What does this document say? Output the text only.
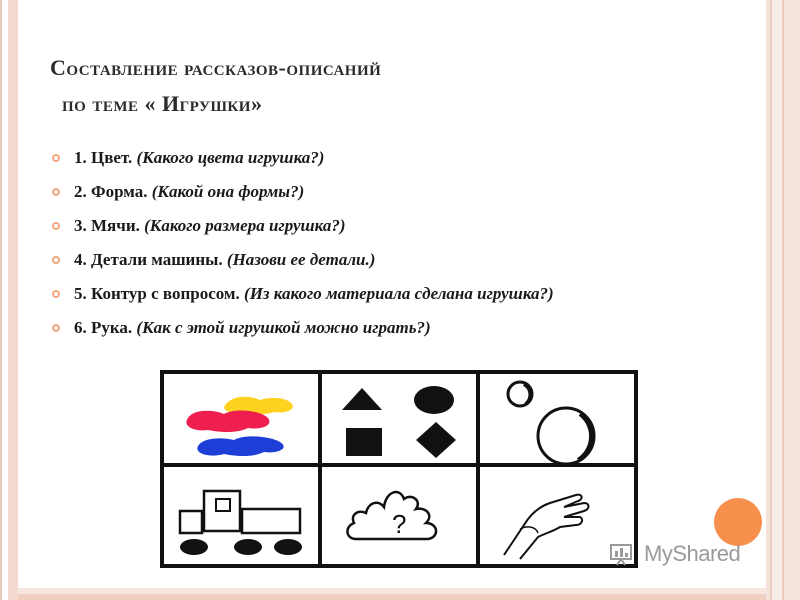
Составление рассказов-описаний
по теме « Игрушки»
1. Цвет. (Какого цвета игрушка?)
2. Форма. (Какой она формы?)
3. Мячи. (Какого размера игрушка?)
4. Детали машины. (Назови ее детали.)
5. Контур с вопросом. (Из какого материала сделана игрушка?)
6. Рука. (Как с этой игрушкой можно играть?)
?
MyShared
